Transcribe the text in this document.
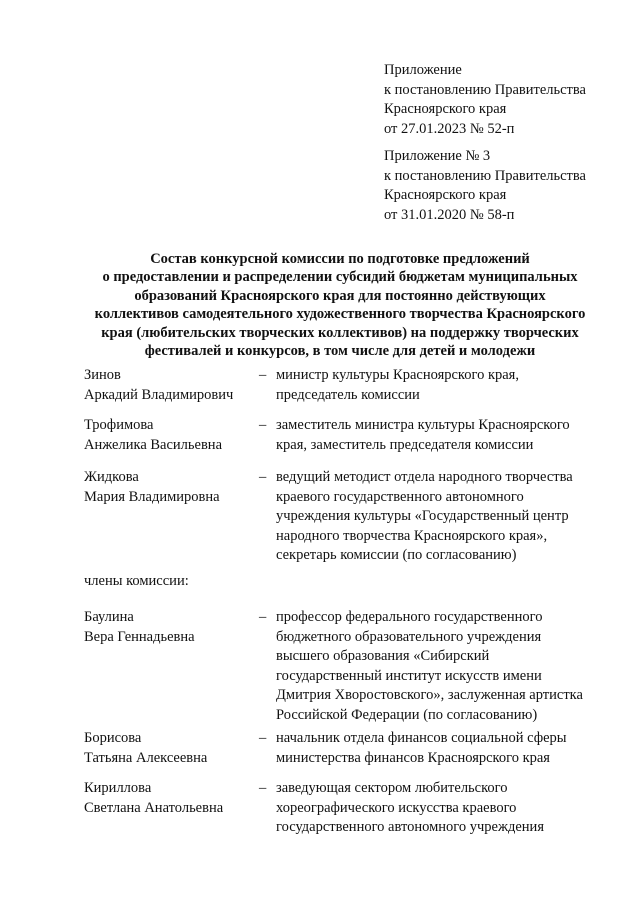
Приложение
к постановлению Правительства
Красноярского края
от 27.01.2023 № 52-п
Приложение № 3
к постановлению Правительства
Красноярского края
от 31.01.2020 № 58-п
Состав конкурсной комиссии по подготовке предложений
о предоставлении и распределении субсидий бюджетам муниципальных
образований Красноярского края для постоянно действующих
коллективов самодеятельного художественного творчества Красноярского
края (любительских творческих коллективов) на поддержку творческих
фестивалей и конкурсов, в том числе для детей и молодежи
Зинов
Аркадий Владимирович
– министр культуры Красноярского края,
председатель комиссии
Трофимова
Анжелика Васильевна
– заместитель министра культуры Красноярского
края, заместитель председателя комиссии
Жидкова
Мария Владимировна
– ведущий методист отдела народного творчества
краевого государственного автономного
учреждения культуры «Государственный центр
народного творчества Красноярского края»,
секретарь комиссии (по согласованию)
члены комиссии:
Баулина
Вера Геннадьевна
– профессор федерального государственного
бюджетного образовательного учреждения
высшего образования «Сибирский
государственный институт искусств имени
Дмитрия Хворостовского», заслуженная артистка
Российской Федерации (по согласованию)
Борисова
Татьяна Алексеевна
– начальник отдела финансов социальной сферы
министерства финансов Красноярского края
Кириллова
Светлана Анатольевна
– заведующая сектором любительского
хореографического искусства краевого
государственного автономного учреждения
